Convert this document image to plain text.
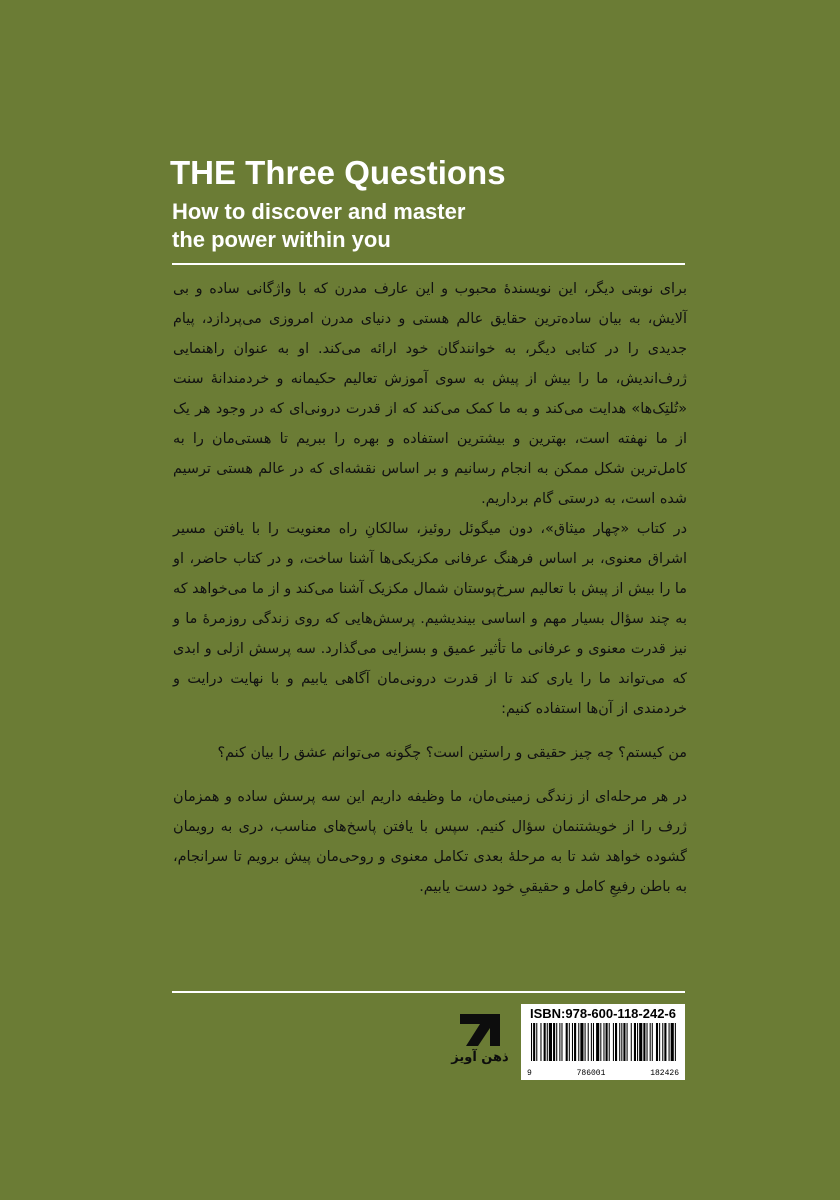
THE Three Questions
How to discover and master
the power within you

برای نوبتی دیگر، این نویسندهٔ محبوب و این عارف مدرن که با واژگانی ساده و بی آلایش، به بیان ساده‌ترین حقایق عالم هستی و دنیای مدرن امروزی می‌پردازد، پیام جدیدی را در کتابی دیگر، به خوانندگان خود ارائه می‌کند. او به عنوان راهنمایی ژرف‌اندیش، ما را بیش از پیش به سوی آموزش تعالیم حکیمانه و خردمندانهٔ سنت «تُلتِک‌ها» هدایت می‌کند و به ما کمک می‌کند که از قدرت درونی‌ای که در وجود هر یک از ما نهفته است، بهترین و بیشترین استفاده و بهره را ببریم تا هستی‌مان را به کامل‌ترین شکل ممکن به انجام رسانیم و بر اساس نقشه‌ای که در عالم هستی ترسیم شده است، به درستی گام برداریم.

در کتاب «چهار میثاق»، دون میگوئل روئیز، سالکانِ راه معنویت را با یافتن مسیر اشراق معنوی، بر اساس فرهنگ عرفانی مکزیکی‌ها آشنا ساخت، و در کتاب حاضر، او ما را بیش از پیش با تعالیم سرخ‌پوستان شمال مکزیک آشنا می‌کند و از ما می‌خواهد که به چند سؤال بسیار مهم و اساسی بیندیشیم. پرسش‌هایی که روی زندگی روزمرهٔ ما و نیز قدرت معنوی و عرفانی ما تأثیر عمیق و بسزایی می‌گذارد. سه پرسش ازلی و ابدی که می‌تواند ما را یاری کند تا از قدرت درونی‌مان آگاهی یابیم و با نهایت درایت و خردمندی از آن‌ها استفاده کنیم:

من کیستم؟ چه چیز حقیقی و راستین است؟ چگونه می‌توانم عشق را بیان کنم؟

در هر مرحله‌ای از زندگی زمینی‌مان، ما وظیفه داریم این سه پرسش ساده و همزمان ژرف را از خویشتنمان سؤال کنیم. سپس با یافتن پاسخ‌های مناسب، دری به رویمان گشوده خواهد شد تا به مرحلهٔ بعدی تکامل معنوی و روحی‌مان پیش برویم تا سرانجام، به باطن رفیعِ کامل و حقیقیِ خود دست یابیم.

ذهن آویز
ISBN:978-600-118-242-6
9	786001	182426
